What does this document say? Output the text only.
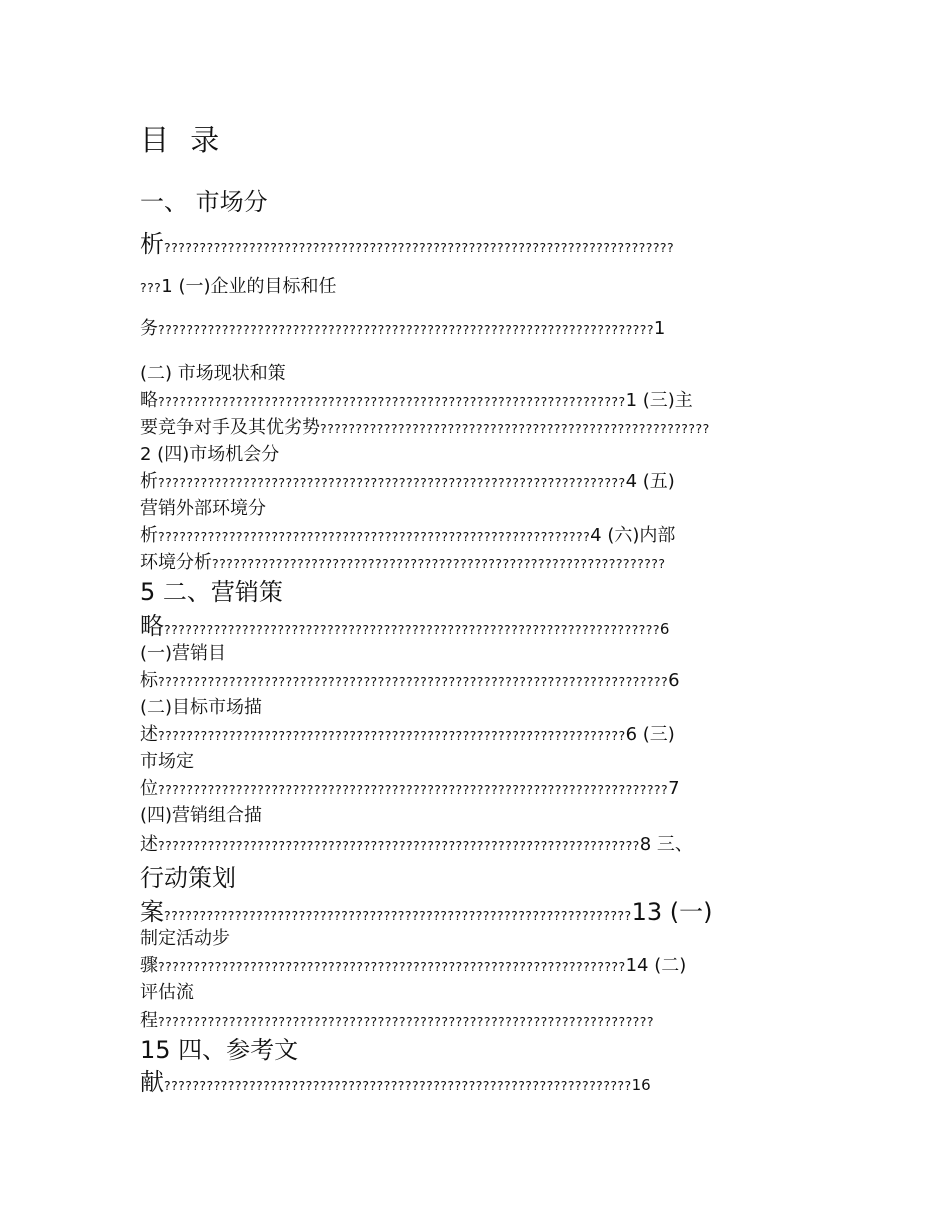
目 录
一、 市场分
析????????????????????????????????????????????????????????????????????????
???1 (一)企业的目标和任
务??????????????????????????????????????????????????????????????????????1
(二) 市场现状和策
略??????????????????????????????????????????????????????????????????1 (三)主
要竞争对手及其优劣势???????????????????????????????????????????????????????
2 (四)市场机会分
析??????????????????????????????????????????????????????????????????4 (五)
营销外部环境分
析?????????????????????????????????????????????????????????????4 (六)内部
环境分析????????????????????????????????????????????????????????????????
5 二、营销策
略??????????????????????????????????????????????????????????????????????6
(一)营销目
标????????????????????????????????????????????????????????????????????????6
(二)目标市场描
述??????????????????????????????????????????????????????????????????6 (三)
市场定
位????????????????????????????????????????????????????????????????????????7
(四)营销组合描
述????????????????????????????????????????????????????????????????????8 三、
行动策划
案??????????????????????????????????????????????????????????????????13 (一)
制定活动步
骤??????????????????????????????????????????????????????????????????14 (二)
评估流
程??????????????????????????????????????????????????????????????????????
15 四、参考文
献??????????????????????????????????????????????????????????????????16
